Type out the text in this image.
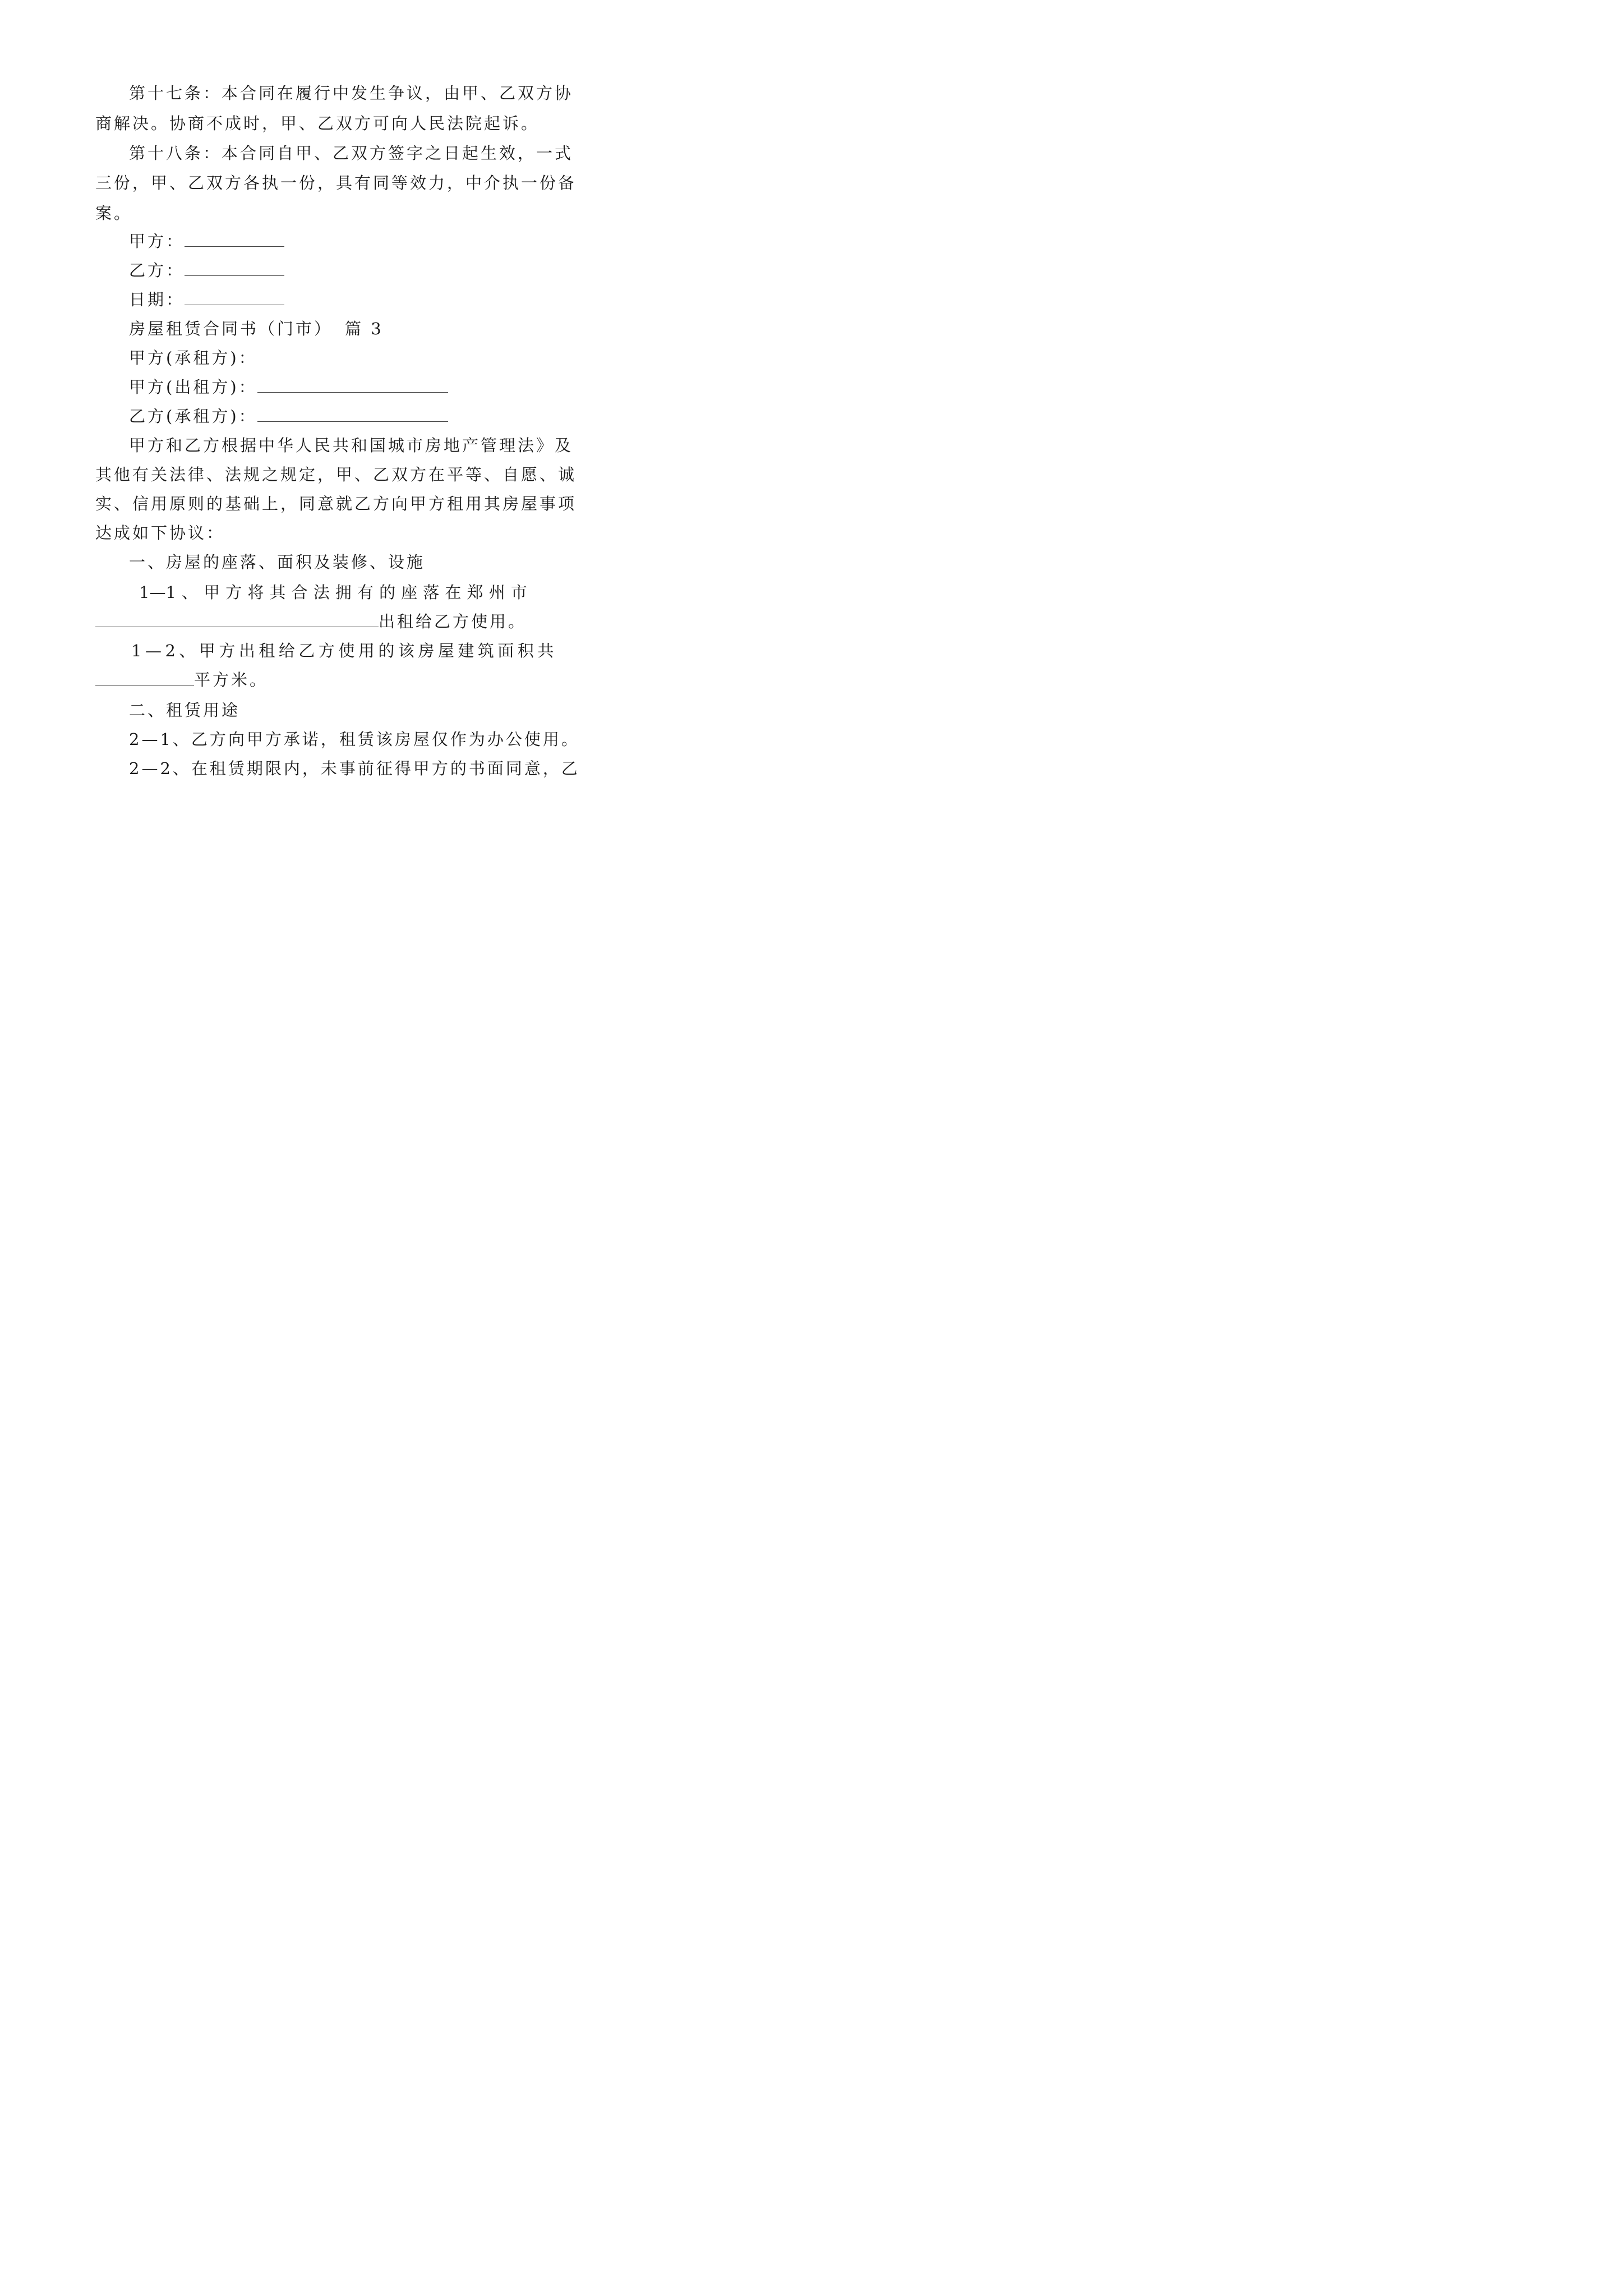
第十七条：本合同在履行中发生争议，由甲、乙双方协
商解决。协商不成时，甲、乙双方可向人民法院起诉。
第十八条：本合同自甲、乙双方签字之日起生效，一式
三份，甲、乙双方各执一份，具有同等效力，中介执一份备
案。
甲方：
乙方：
日期：
房屋租赁合同书（门市） 篇 3
甲方(承租方)：
甲方(出租方)：
乙方(承租方)：
甲方和乙方根据中华人民共和国城市房地产管理法》及
其他有关法律、法规之规定，甲、乙双方在平等、自愿、诚
实、信用原则的基础上，同意就乙方向甲方租用其房屋事项
达成如下协议：
一、房屋的座落、面积及装修、设施
1—1 、 甲 方 将 其 合 法 拥 有 的 座 落 在 郑 州 市
出租给乙方使用。
1—2、甲方出租给乙方使用的该房屋建筑面积共
平方米。
二、租赁用途
2—1、乙方向甲方承诺，租赁该房屋仅作为办公使用。
2—2、在租赁期限内，未事前征得甲方的书面同意，乙
